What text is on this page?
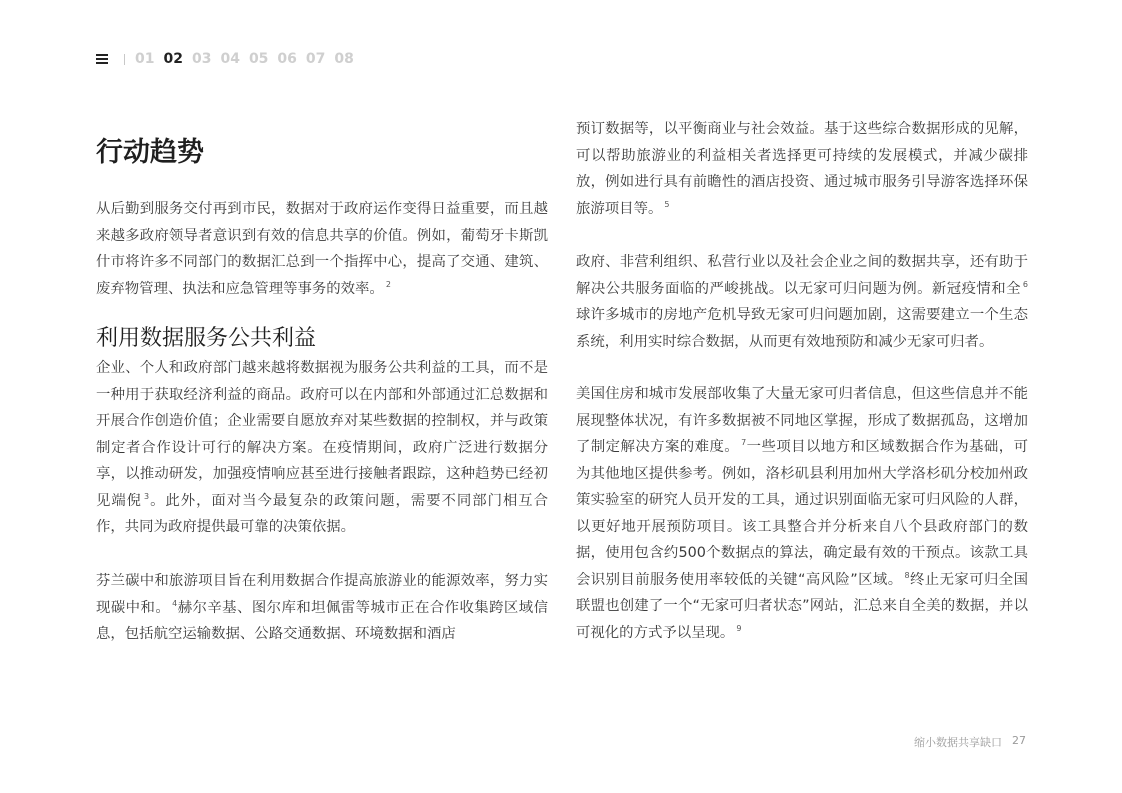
01 02 03 04 05 06 07 08
行动趋势

从后勤到服务交付再到市民，数据对于政府运作变得日益重要，而且越来越多政府领导者意识到有效的信息共享的价值。例如，葡萄牙卡斯凯什市将许多不同部门的数据汇总到一个指挥中心，提高了交通、建筑、废弃物管理、执法和应急管理等事务的效率。 $^2$

企业、个人和政府部门越来越将数据视为服务公共利益的工具，而不是一种用于获取经济利益的商品。政府可以在内部和外部通过汇总数据和开展合作创造价值；企业需要自愿放弃对某些数据的控制权，并与政策制定者合作设计可行的解决方案。在疫情期间，政府广泛进行数据分享，以推动研发，加强疫情响应甚至进行接触者跟踪，这种趋势已经初见端倪 $^3$。此外，面对当今最复杂的政策问题，需要不同部门相互合作，共同为政府提供最可靠的决策依据。

芬兰碳中和旅游项目旨在利用数据合作提高旅游业的能源效率，努力实现碳中和。 $^4$赫尔辛基、图尔库和坦佩雷等城市正在合作收集跨区域信息，包括航空运输数据、公路交通数据、环境数据和酒店

利用数据服务公共利益

预订数据等，以平衡商业与社会效益。基于这些综合数据形成的见解，可以帮助旅游业的利益相关者选择更可持续的发展模式，并减少碳排放，例如进行具有前瞻性的酒店投资、通过城市服务引导游客选择环保旅游项目等。 $^5$

政府、非营利组织、私营行业以及社会企业之间的数据共享，还有助于解决公共服务面临的严峻挑战。以无家可归问题为例。新冠疫情和全 $^6$球许多城市的房地产危机导致无家可归问题加剧，这需要建立一个生态系统，利用实时综合数据，从而更有效地预防和减少无家可归者。

美国住房和城市发展部收集了大量无家可归者信息，但这些信息并不能展现整体状况，有许多数据被不同地区掌握，形成了数据孤岛，这增加了制定解决方案的难度。 $^7$一些项目以地方和区域数据合作为基础，可为其他地区提供参考。例如，洛杉矶县利用加州大学洛杉矶分校加州政策实验室的研究人员开发的工具，通过识别面临无家可归风险的人群，以更好地开展预防项目。该工具整合并分析来自八个县政府部门的数据，使用包含约500个数据点的算法，确定最有效的干预点。该款工具会识别目前服务使用率较低的关键“高风险”区域。 $^8$终止无家可归全国联盟也创建了一个“无家可归者状态”网站，汇总来自全美的数据，并以可视化的方式予以呈现。 $^9$

缩小数据共享缺口 27
